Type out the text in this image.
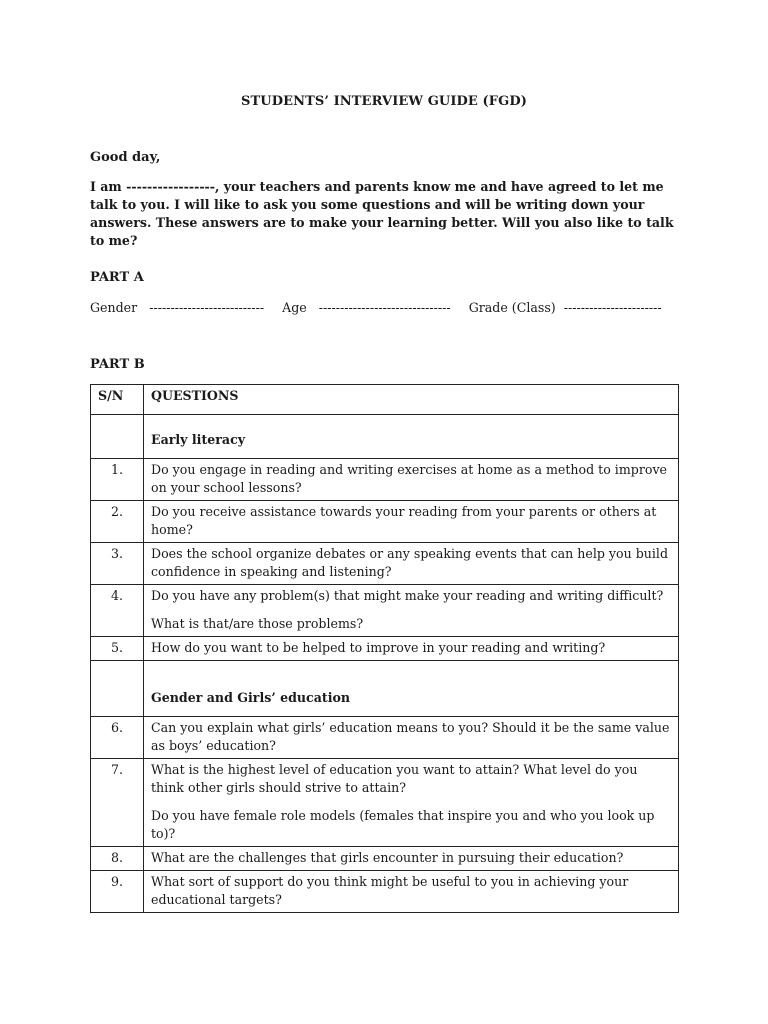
STUDENTS’ INTERVIEW GUIDE (FGD)
Good day,

I am -----------------, your teachers and parents know me and have agreed to let me talk to you. I will like to ask you some questions and will be writing down your answers. These answers are to make your learning better. Will you also like to talk to me?

PART A
Gender --------------------------- Age ------------------------------- Grade (Class) -----------------------
PART B
S/N	QUESTIONS
	Early literacy
1.	Do you engage in reading and writing exercises at home as a method to improve on your school lessons?

2.	Do you receive assistance towards your reading from your parents or others at home?

3.	Does the school organize debates or any speaking events that can help you build confidence in speaking and listening?

4.	Do you have any problem(s) that might make your reading and writing difficult?

What is that/are those problems?

5.	How do you want to be helped to improve in your reading and writing?

	Gender and Girls’ education
6.	Can you explain what girls’ education means to you? Should it be the same value as boys’ education?

7.	What is the highest level of education you want to attain? What level do you think other girls should strive to attain?

Do you have female role models (females that inspire you and who you look up to)?

8.	What are the challenges that girls encounter in pursuing their education?

9.	What sort of support do you think might be useful to you in achieving your educational targets?
